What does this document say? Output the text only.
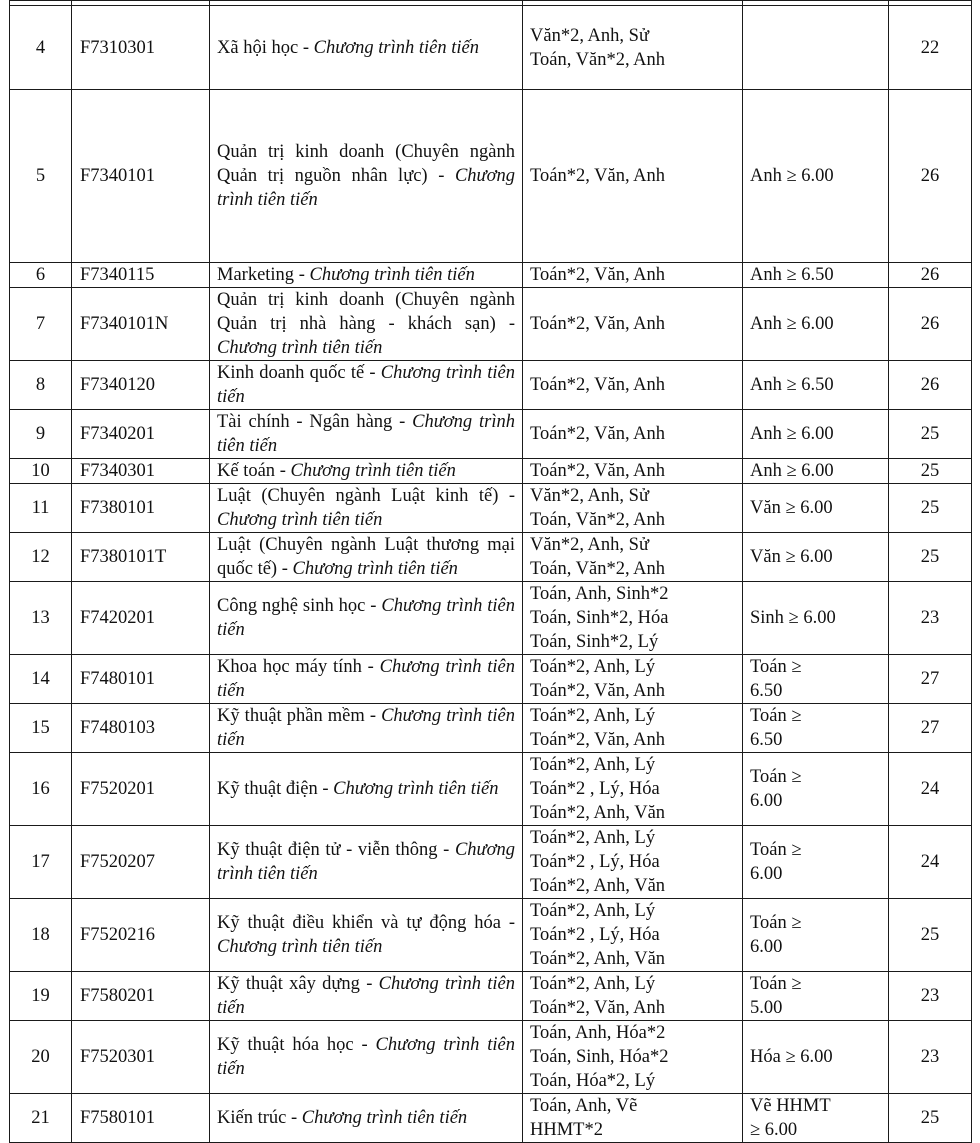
4	F7310301	Xã hội học - Chương trình tiên tiến	Văn*2, Anh, Sử
Toán, Văn*2, Anh		22
5	F7340101	Quản trị kinh doanh (Chuyên ngành Quản trị nguồn nhân lực) - Chương trình tiên tiến	Toán*2, Văn, Anh	Anh ≥ 6.00	26
6	F7340115	Marketing - Chương trình tiên tiến	Toán*2, Văn, Anh	Anh ≥ 6.50	26
7	F7340101N	Quản trị kinh doanh (Chuyên ngành Quản trị nhà hàng - khách sạn) - Chương trình tiên tiến	Toán*2, Văn, Anh	Anh ≥ 6.00	26
8	F7340120	Kinh doanh quốc tế - Chương trình tiên tiến	Toán*2, Văn, Anh	Anh ≥ 6.50	26
9	F7340201	Tài chính - Ngân hàng - Chương trình tiên tiến	Toán*2, Văn, Anh	Anh ≥ 6.00	25
10	F7340301	Kế toán - Chương trình tiên tiến	Toán*2, Văn, Anh	Anh ≥ 6.00	25
11	F7380101	Luật (Chuyên ngành Luật kinh tế) - Chương trình tiên tiến	Văn*2, Anh, Sử
Toán, Văn*2, Anh	Văn ≥ 6.00	25
12	F7380101T	Luật (Chuyên ngành Luật thương mại quốc tế) - Chương trình tiên tiến	Văn*2, Anh, Sử
Toán, Văn*2, Anh	Văn ≥ 6.00	25
13	F7420201	Công nghệ sinh học - Chương trình tiên tiến	Toán, Anh, Sinh*2
Toán, Sinh*2, Hóa
Toán, Sinh*2, Lý	Sinh ≥ 6.00	23
14	F7480101	Khoa học máy tính - Chương trình tiên tiến	Toán*2, Anh, Lý
Toán*2, Văn, Anh	Toán ≥ 6.50	27
15	F7480103	Kỹ thuật phần mềm - Chương trình tiên tiến	Toán*2, Anh, Lý
Toán*2, Văn, Anh	Toán ≥ 6.50	27
16	F7520201	Kỹ thuật điện - Chương trình tiên tiến	Toán*2, Anh, Lý
Toán*2 , Lý, Hóa
Toán*2, Anh, Văn	Toán ≥ 6.00	24
17	F7520207	Kỹ thuật điện tử - viễn thông - Chương trình tiên tiến	Toán*2, Anh, Lý
Toán*2 , Lý, Hóa
Toán*2, Anh, Văn	Toán ≥ 6.00	24
18	F7520216	Kỹ thuật điều khiển và tự động hóa - Chương trình tiên tiến	Toán*2, Anh, Lý
Toán*2 , Lý, Hóa
Toán*2, Anh, Văn	Toán ≥ 6.00	25
19	F7580201	Kỹ thuật xây dựng - Chương trình tiên tiến	Toán*2, Anh, Lý
Toán*2, Văn, Anh	Toán ≥ 5.00	23
20	F7520301	Kỹ thuật hóa học - Chương trình tiên tiến	Toán, Anh, Hóa*2
Toán, Sinh, Hóa*2
Toán, Hóa*2, Lý	Hóa ≥ 6.00	23
21	F7580101	Kiến trúc - Chương trình tiên tiến	Toán, Anh, Vẽ
HHMT*2	Vẽ HHMT ≥ 6.00	25
